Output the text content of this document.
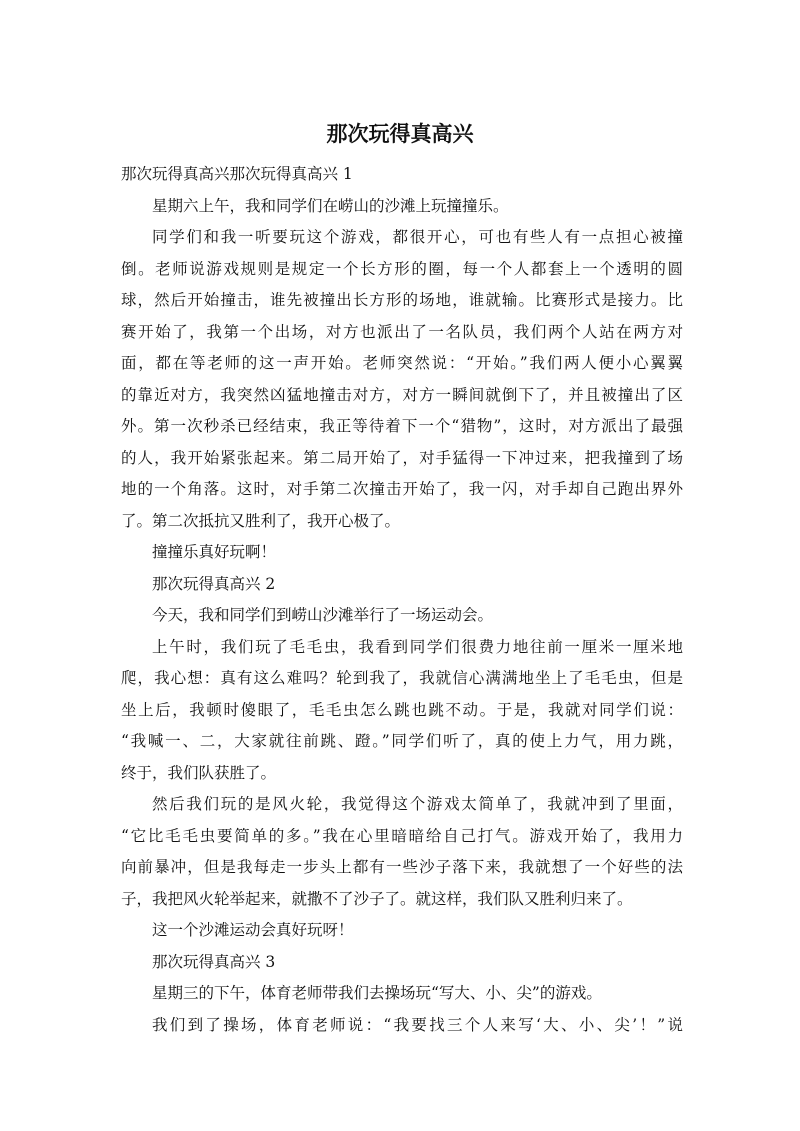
那次玩得真高兴
那次玩得真高兴那次玩得真高兴 1
星期六上午，我和同学们在崂山的沙滩上玩撞撞乐。
同学们和我一听要玩这个游戏，都很开心，可也有些人有一点担心被撞
倒。老师说游戏规则是规定一个长方形的圈，每一个人都套上一个透明的圆
球，然后开始撞击，谁先被撞出长方形的场地，谁就输。比赛形式是接力。比
赛开始了，我第一个出场，对方也派出了一名队员，我们两个人站在两方对
面，都在等老师的这一声开始。老师突然说：“开始。”我们两人便小心翼翼
的靠近对方，我突然凶猛地撞击对方，对方一瞬间就倒下了，并且被撞出了区
外。第一次秒杀已经结束，我正等待着下一个“猎物”，这时，对方派出了最强
的人，我开始紧张起来。第二局开始了，对手猛得一下冲过来，把我撞到了场
地的一个角落。这时，对手第二次撞击开始了，我一闪，对手却自己跑出界外
了。第二次抵抗又胜利了，我开心极了。
撞撞乐真好玩啊！
那次玩得真高兴 2
今天，我和同学们到崂山沙滩举行了一场运动会。
上午时，我们玩了毛毛虫，我看到同学们很费力地往前一厘米一厘米地
爬，我心想：真有这么难吗？轮到我了，我就信心满满地坐上了毛毛虫，但是
坐上后，我顿时傻眼了，毛毛虫怎么跳也跳不动。于是，我就对同学们说：
“我喊一、二，大家就往前跳、蹬。”同学们听了，真的使上力气，用力跳，
终于，我们队获胜了。
然后我们玩的是风火轮，我觉得这个游戏太简单了，我就冲到了里面，
“它比毛毛虫要简单的多。”我在心里暗暗给自己打气。游戏开始了，我用力
向前暴冲，但是我每走一步头上都有一些沙子落下来，我就想了一个好些的法
子，我把风火轮举起来，就撒不了沙子了。就这样，我们队又胜利归来了。
这一个沙滩运动会真好玩呀！
那次玩得真高兴 3
星期三的下午，体育老师带我们去操场玩“写大、小、尖”的游戏。
我们到了操场，体育老师说：“我要找三个人来写‘大、小、尖’！”说
